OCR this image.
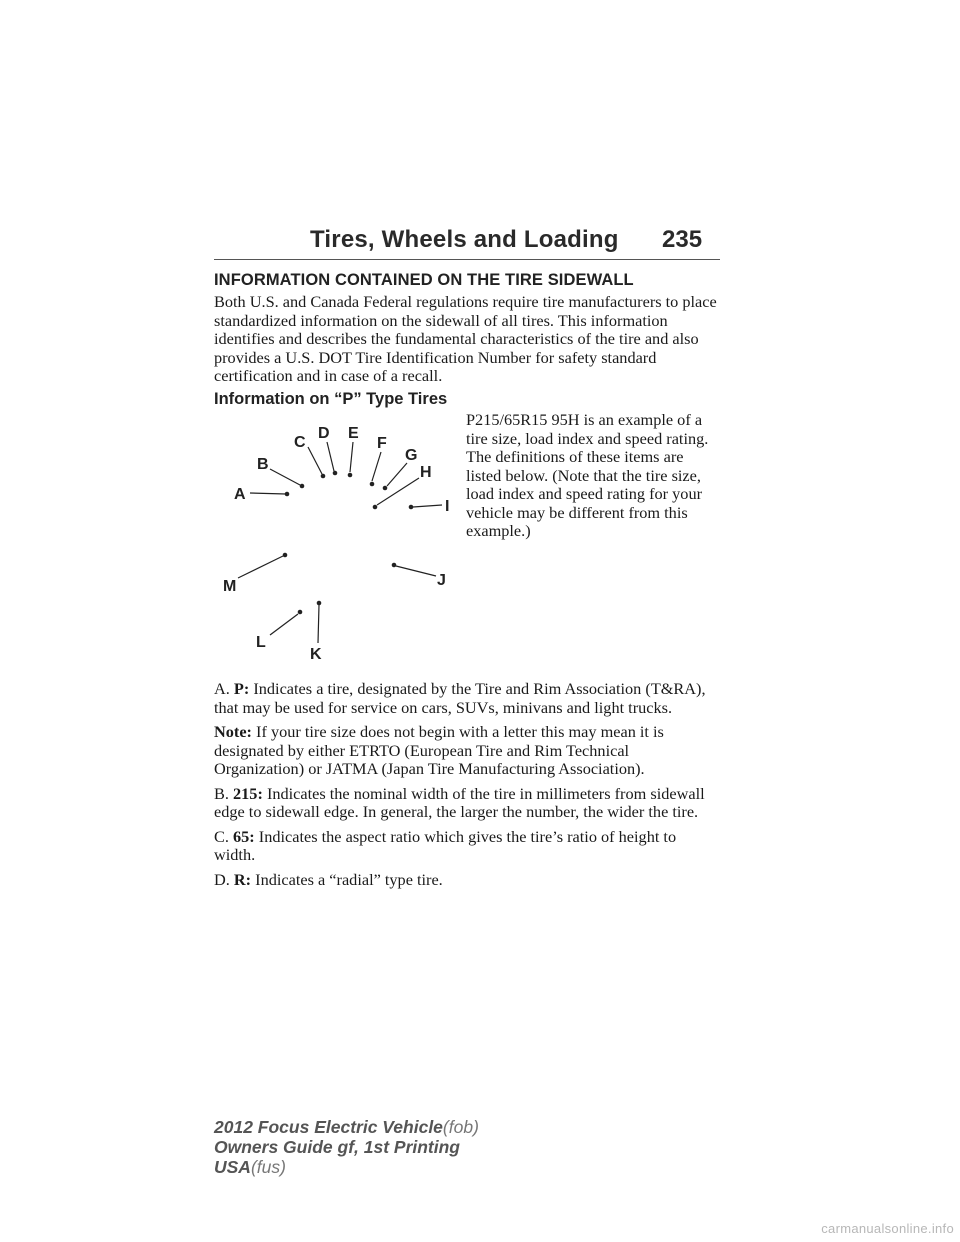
Tires, Wheels and Loading 235
INFORMATION CONTAINED ON THE TIRE SIDEWALL

Both U.S. and Canada Federal regulations require tire manufacturers to place standardized information on the sidewall of all tires. This information identifies and describes the fundamental characteristics of the tire and also provides a U.S. DOT Tire Identification Number for safety standard certification and in case of a recall.

Information on “P” Type Tires
A
B
C
D E
F
G
H
I
J
K
L
M

P215/65R15 95H is an example of a tire size, load index and speed rating. The definitions of these items are listed below. (Note that the tire size, load index and speed rating for your vehicle may be different from this example.)

A. P: Indicates a tire, designated by the Tire and Rim Association (T&RA), that may be used for service on cars, SUVs, minivans and light trucks.

Note: If your tire size does not begin with a letter this may mean it is designated by either ETRTO (European Tire and Rim Technical Organization) or JATMA (Japan Tire Manufacturing Association).

B. 215: Indicates the nominal width of the tire in millimeters from sidewall edge to sidewall edge. In general, the larger the number, the wider the tire.

C. 65: Indicates the aspect ratio which gives the tire’s ratio of height to width.

D. R: Indicates a “radial” type tire.

2012 Focus Electric Vehicle(fob)
Owners Guide gf, 1st Printing
USA(fus)
carmanualsonline.info
